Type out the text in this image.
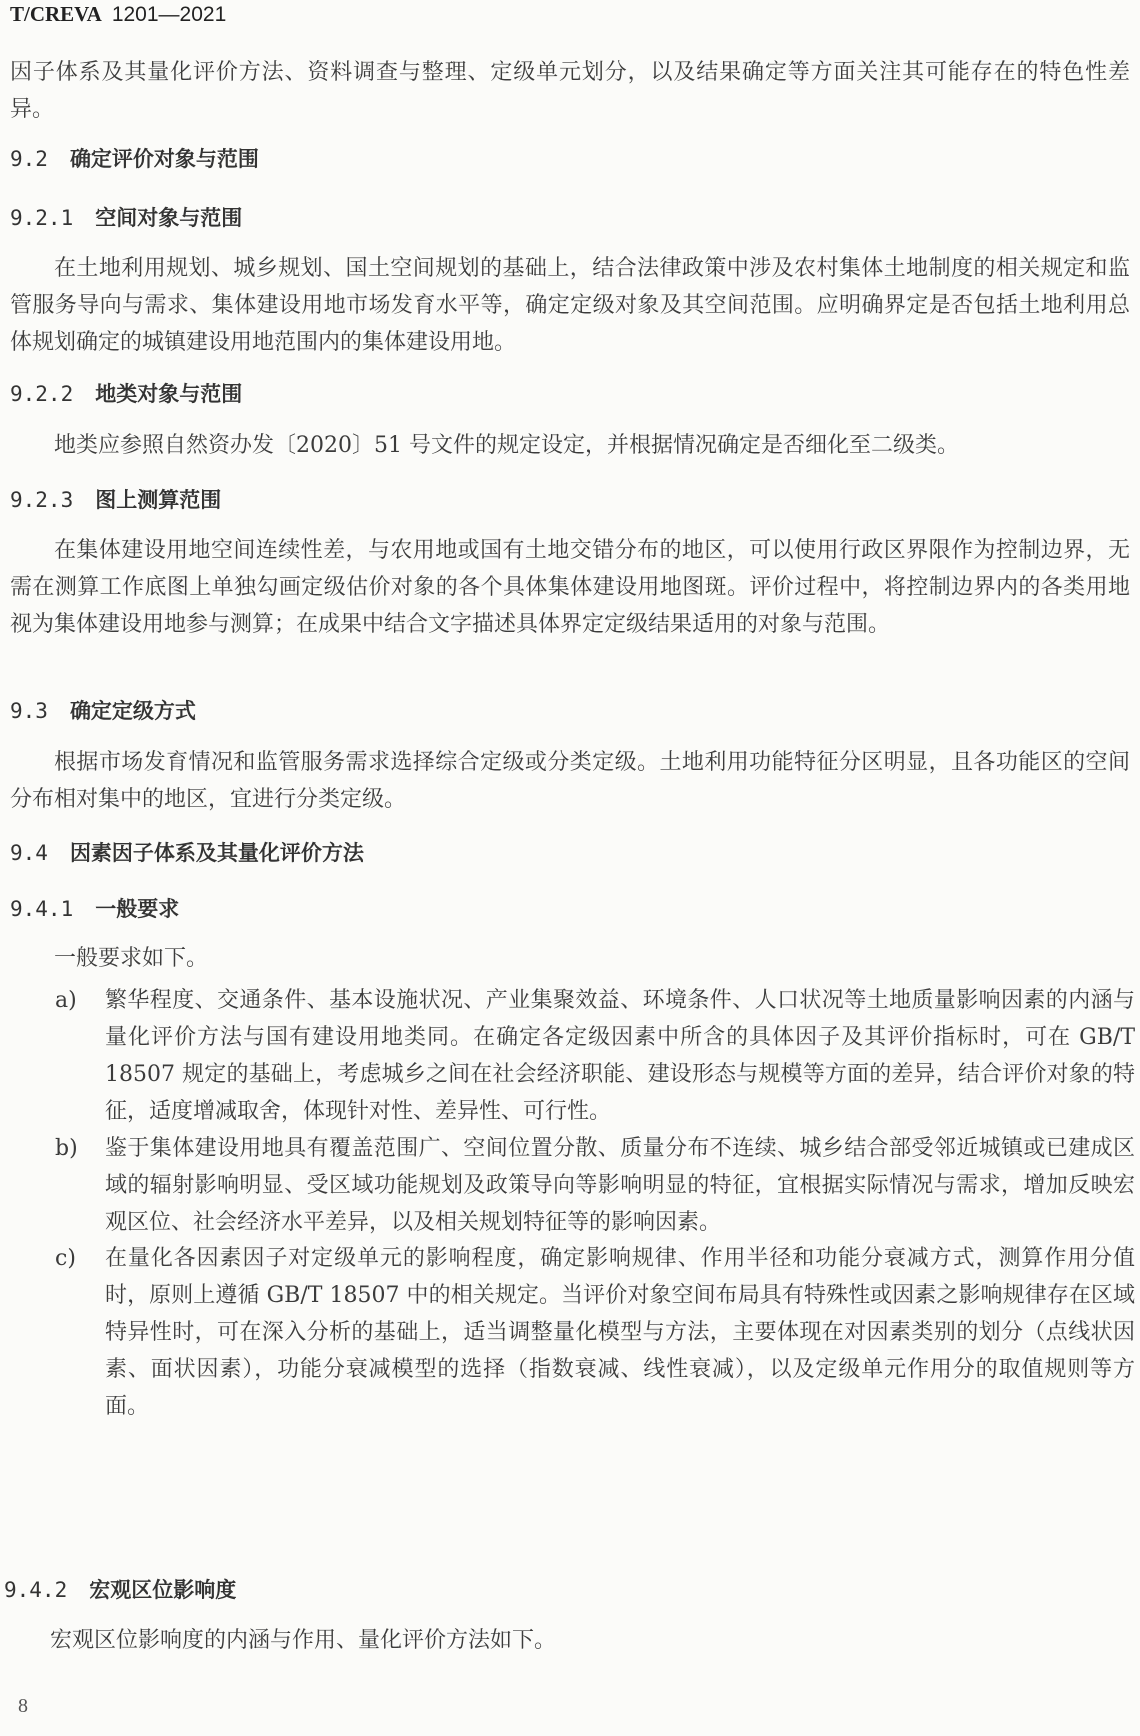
T/CREVA 1201—2021
因子体系及其量化评价方法、资料调查与整理、定级单元划分，以及结果确定等方面关注其可能存在的特色性差异。
9.2 确定评价对象与范围
9.2.1 空间对象与范围
在土地利用规划、城乡规划、国土空间规划的基础上，结合法律政策中涉及农村集体土地制度的相关规定和监管服务导向与需求、集体建设用地市场发育水平等，确定定级对象及其空间范围。应明确界定是否包括土地利用总体规划确定的城镇建设用地范围内的集体建设用地。
9.2.2 地类对象与范围
地类应参照自然资办发〔2020〕51 号文件的规定设定，并根据情况确定是否细化至二级类。
9.2.3 图上测算范围
在集体建设用地空间连续性差，与农用地或国有土地交错分布的地区，可以使用行政区界限作为控制边界，无需在测算工作底图上单独勾画定级估价对象的各个具体集体建设用地图斑。评价过程中，将控制边界内的各类用地视为集体建设用地参与测算；在成果中结合文字描述具体界定定级结果适用的对象与范围。
9.3 确定定级方式
根据市场发育情况和监管服务需求选择综合定级或分类定级。土地利用功能特征分区明显，且各功能区的空间分布相对集中的地区，宜进行分类定级。
9.4 因素因子体系及其量化评价方法
9.4.1 一般要求
一般要求如下。
a)	繁华程度、交通条件、基本设施状况、产业集聚效益、环境条件、人口状况等土地质量影响因素的内涵与量化评价方法与国有建设用地类同。在确定各定级因素中所含的具体因子及其评价指标时，可在 GB/T 18507 规定的基础上，考虑城乡之间在社会经济职能、建设形态与规模等方面的差异，结合评价对象的特征，适度增减取舍，体现针对性、差异性、可行性。
b)	鉴于集体建设用地具有覆盖范围广、空间位置分散、质量分布不连续、城乡结合部受邻近城镇或已建成区域的辐射影响明显、受区域功能规划及政策导向等影响明显的特征，宜根据实际情况与需求，增加反映宏观区位、社会经济水平差异，以及相关规划特征等的影响因素。
c)	在量化各因素因子对定级单元的影响程度，确定影响规律、作用半径和功能分衰减方式，测算作用分值时，原则上遵循 GB/T 18507 中的相关规定。当评价对象空间布局具有特殊性或因素之影响规律存在区域特异性时，可在深入分析的基础上，适当调整量化模型与方法，主要体现在对因素类别的划分（点线状因素、面状因素），功能分衰减模型的选择（指数衰减、线性衰减），以及定级单元作用分的取值规则等方面。
9.4.2 宏观区位影响度
宏观区位影响度的内涵与作用、量化评价方法如下。
8
